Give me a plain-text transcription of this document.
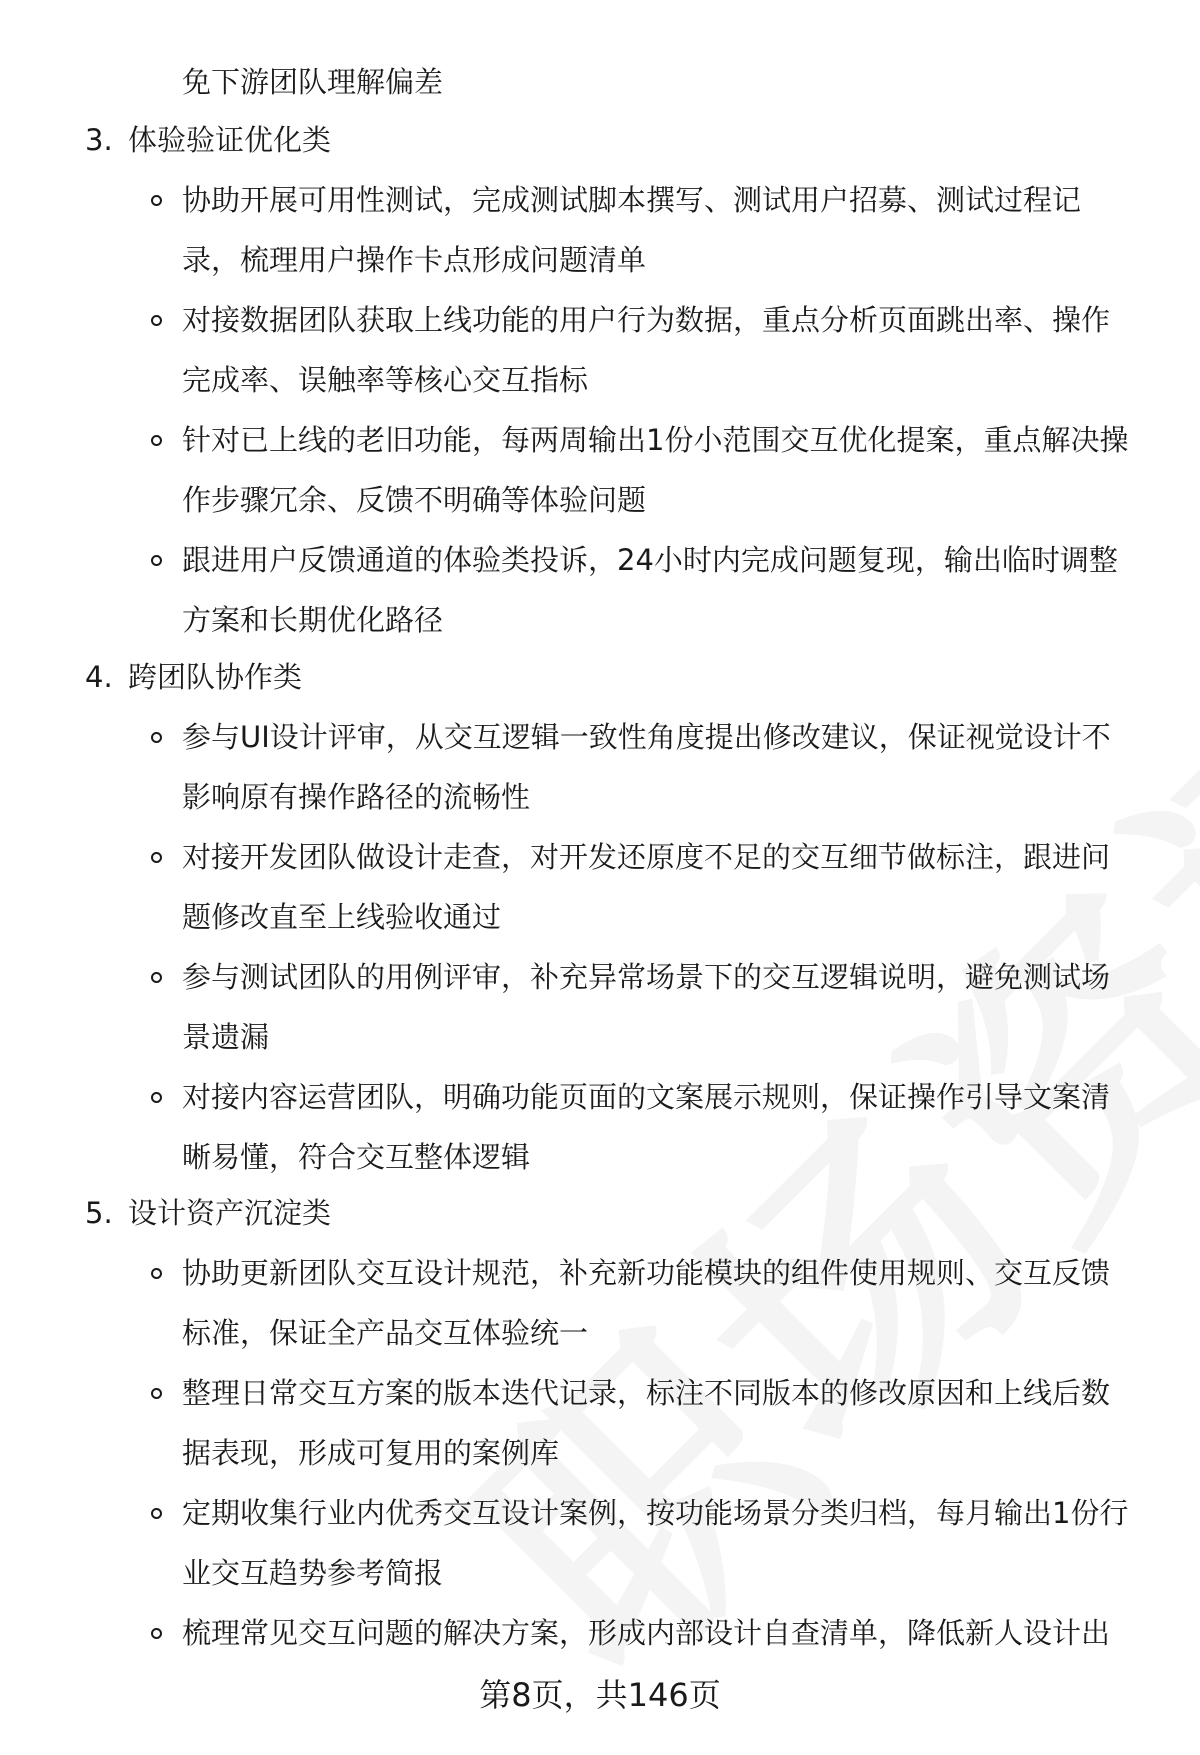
免下游团队理解偏差
3. 体验验证优化类
协助开展可用性测试，完成测试脚本撰写、测试用户招募、测试过程记
录，梳理用户操作卡点形成问题清单
对接数据团队获取上线功能的用户行为数据，重点分析页面跳出率、操作
完成率、误触率等核心交互指标
针对已上线的老旧功能，每两周输出1份小范围交互优化提案，重点解决操
作步骤冗余、反馈不明确等体验问题
跟进用户反馈通道的体验类投诉，24小时内完成问题复现，输出临时调整
方案和长期优化路径
4. 跨团队协作类
参与UI设计评审，从交互逻辑一致性角度提出修改建议，保证视觉设计不
影响原有操作路径的流畅性
对接开发团队做设计走查，对开发还原度不足的交互细节做标注，跟进问
题修改直至上线验收通过
参与测试团队的用例评审，补充异常场景下的交互逻辑说明，避免测试场
景遗漏
对接内容运营团队，明确功能页面的文案展示规则，保证操作引导文案清
晰易懂，符合交互整体逻辑
5. 设计资产沉淀类
协助更新团队交互设计规范，补充新功能模块的组件使用规则、交互反馈
标准，保证全产品交互体验统一
整理日常交互方案的版本迭代记录，标注不同版本的修改原因和上线后数
据表现，形成可复用的案例库
定期收集行业内优秀交互设计案例，按功能场景分类归档，每月输出1份行
业交互趋势参考简报
梳理常见交互问题的解决方案，形成内部设计自查清单，降低新人设计出
第8页，共146页
